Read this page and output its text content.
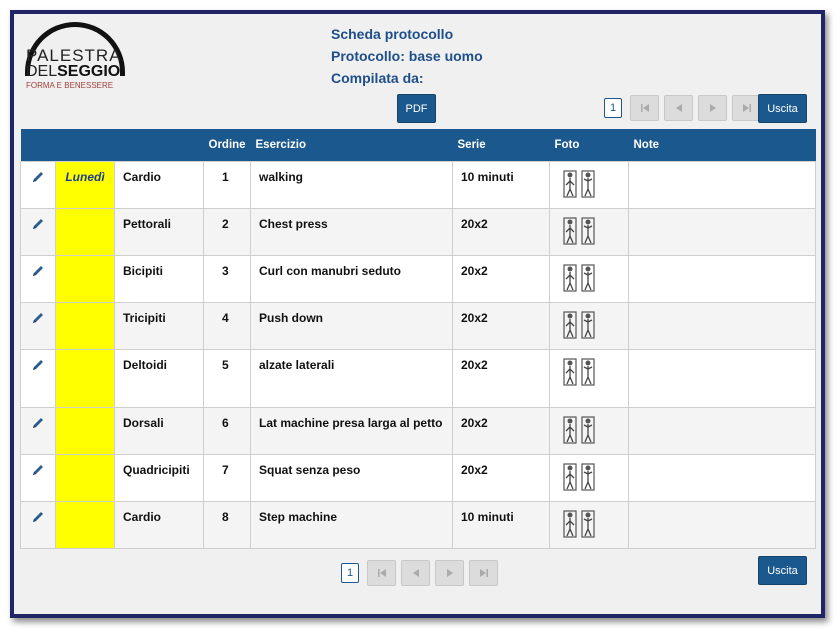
PALESTRA
DELSEGGIO
FORMA E BENESSERE
Scheda protocollo
Protocollo: base uomo
Compilata da:
PDF	1	Uscita
			Ordine	Esercizio	Serie	Foto	Note

	Lunedì	Cardio	1	walking	10 minuti	

		Pettorali	2	Chest press	20x2	

		Bicipiti	3	Curl con manubri seduto	20x2	

		Tricipiti	4	Push down	20x2	

		Deltoidi	5	alzate laterali	20x2	

		Dorsali	6	Lat machine presa larga al petto	20x2	

		Quadricipiti	7	Squat senza peso	20x2	

		Cardio	8	Step machine	10 minuti	

1	Uscita
